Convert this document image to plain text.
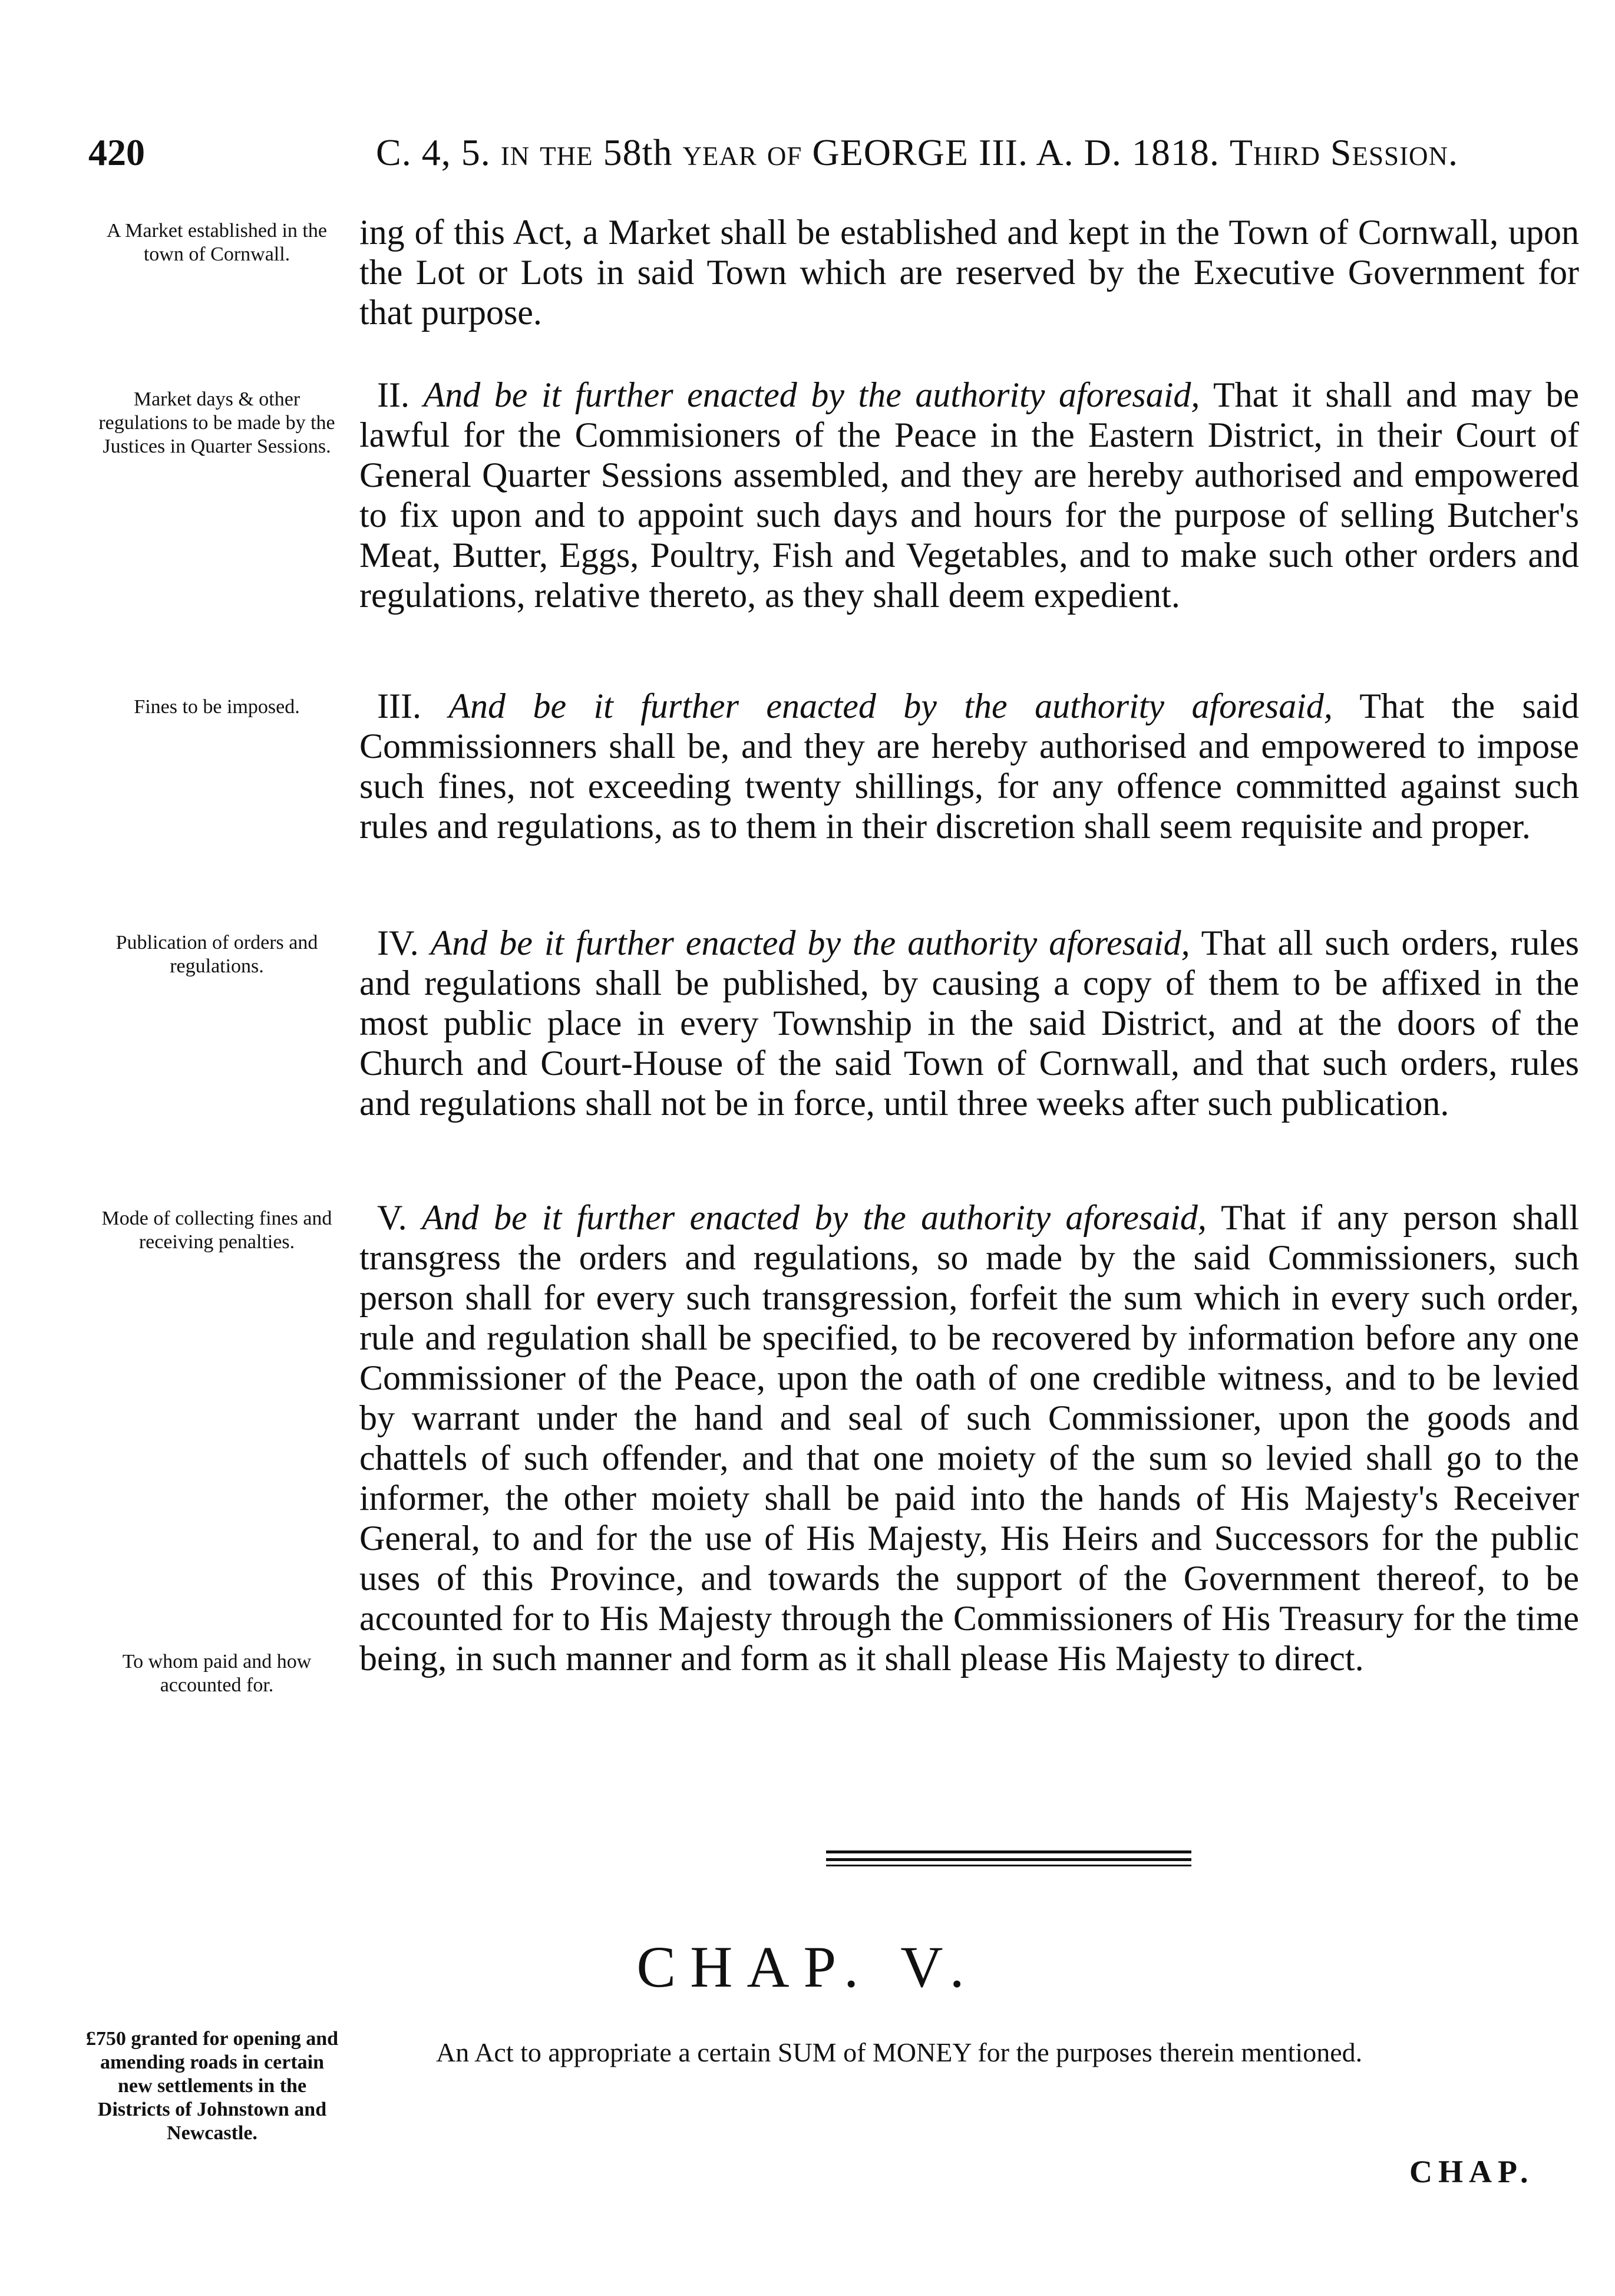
420	C. 4, 5. in the 58th year of GEORGE III. A. D. 1818. Third Session.
A Market established in the town of Cornwall.
Market days & other regulations to be made by the Justices in Quarter Sessions.
Fines to be imposed.
Publication of orders and regulations.
Mode of collecting fines and receiving penalties.
To whom paid and how accounted for.
£750 granted for opening and amending roads in certain new settlements in the Districts of Johnstown and Newcastle.

ing of this Act, a Market shall be established and kept in the Town of Cornwall, upon the Lot or Lots in said Town which are reserved by the Executive Government for that purpose.

II. And be it further enacted by the authority aforesaid, That it shall and may be lawful for the Commisioners of the Peace in the Eastern District, in their Court of General Quarter Sessions assembled, and they are hereby authorised and empowered to fix upon and to appoint such days and hours for the purpose of selling Butcher's Meat, Butter, Eggs, Poultry, Fish and Vegetables, and to make such other orders and regulations, relative thereto, as they shall deem expedient.

III. And be it further enacted by the authority aforesaid, That the said Commissionners shall be, and they are hereby authorised and empowered to impose such fines, not exceeding twenty shillings, for any offence committed against such rules and regulations, as to them in their discretion shall seem requisite and proper.

IV. And be it further enacted by the authority aforesaid, That all such orders, rules and regulations shall be published, by causing a copy of them to be affixed in the most public place in every Township in the said District, and at the doors of the Church and Court-House of the said Town of Cornwall, and that such orders, rules and regulations shall not be in force, until three weeks after such publication.

V. And be it further enacted by the authority aforesaid, That if any person shall transgress the orders and regulations, so made by the said Commissioners, such person shall for every such transgression, forfeit the sum which in every such order, rule and regulation shall be specified, to be recovered by information before any one Commissioner of the Peace, upon the oath of one credible witness, and to be levied by warrant under the hand and seal of such Commissioner, upon the goods and chattels of such offender, and that one moiety of the sum so levied shall go to the informer, the other moiety shall be paid into the hands of His Majesty's Receiver General, to and for the use of His Majesty, His Heirs and Successors for the public uses of this Province, and towards the support of the Government thereof, to be accounted for to His Majesty through the Commissioners of His Treasury for the time being, in such manner and form as it shall please His Majesty to direct.

CHAP. V.
An Act to appropriate a certain SUM of MONEY for the purposes therein mentioned.
CHAP.
